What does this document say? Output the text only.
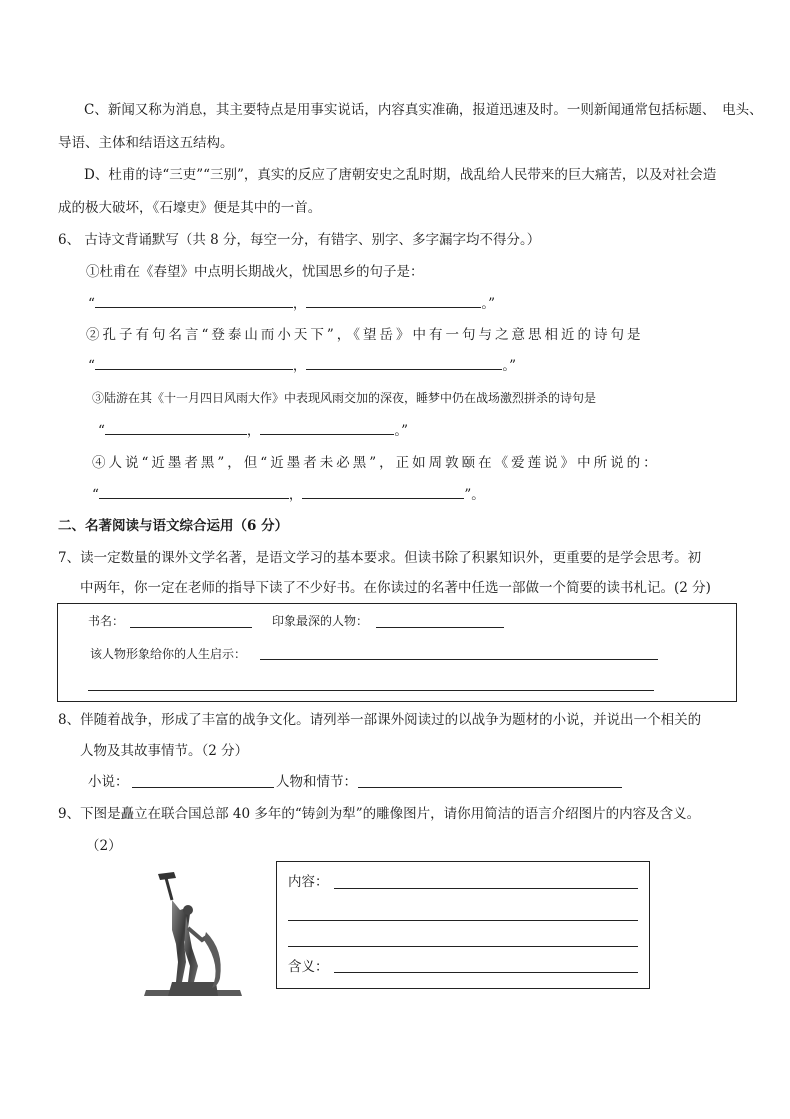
C、新闻又称为消息，其主要特点是用事实说话，内容真实准确，报道迅速及时。一则新闻通常包括标题、　电头、
导语、主体和结语这五结构。
D、杜甫的诗“三吏”“三别”，真实的反应了唐朝安史之乱时期，战乱给人民带来的巨大痛苦，以及对社会造
成的极大破坏，《石壕吏》便是其中的一首。
6、 古诗文背诵默写（共 8 分，每空一分，有错字、别字、多字漏字均不得分。）
①杜甫在《春望》中点明长期战火，忧国思乡的句子是：
“	，	。”
②孔子有句名言“登泰山而小天下”，《望岳》中有一句与之意思相近的诗句是
“	，	。”
③陆游在其《十一月四日风雨大作》中表现风雨交加的深夜，睡梦中仍在战场激烈拼杀的诗句是
“	，	。”
④人说“近墨者黑”，但“近墨者未必黑”，正如周敦颐在《爱莲说》中所说的：
“	，	”。
二、名著阅读与语文综合运用（6 分）
7、读一定数量的课外文学名著，是语文学习的基本要求。但读书除了积累知识外，更重要的是学会思考。初
中两年，你一定在老师的指导下读了不少好书。在你读过的名著中任选一部做一个简要的读书札记。(2 分)
书名：	印象最深的人物：
该人物形象给你的人生启示：
8、伴随着战争，形成了丰富的战争文化。请列举一部课外阅读过的以战争为题材的小说，并说出一个相关的
人物及其故事情节。（2 分）
小说：	人物和情节：
9、下图是矗立在联合国总部 40 多年的“铸剑为犁”的雕像图片，请你用简洁的语言介绍图片的内容及含义。
（2）
内容：
含义：
